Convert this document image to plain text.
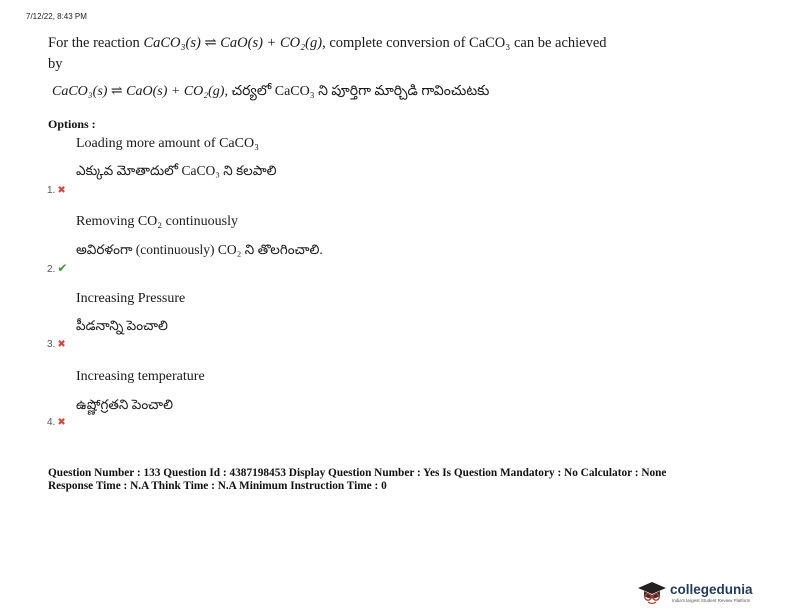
7/12/22, 8:43 PM
For the reaction CaCO₃(s) ⇌ CaO(s) + CO₂(g), complete conversion of CaCO₃ can be achieved by
CaCO₃(s) ⇌ CaO(s) + CO₂(g), చర్యలో CaCO₃ ని పూర్తిగా మార్చిడి గావించుటకు
Options :
Loading more amount of CaCO₃
ఎక్కువ మోతాదులో CaCO₃ ని కలపాలి
1. ✖
Removing CO₂ continuously
అవిరళంగా (continuously) CO₂ ని తొలగించాలి.
2. ✔
Increasing Pressure
పీడనాన్ని పెంచాలి
3. ✖
Increasing temperature
ఉష్ణోగ్రతని పెంచాలి
4. ✖
Question Number : 133 Question Id : 4387198453 Display Question Number : Yes Is Question Mandatory : No Calculator : None
Response Time : N.A Think Time : N.A Minimum Instruction Time : 0
collegedunia
India's largest Student Review Platform
